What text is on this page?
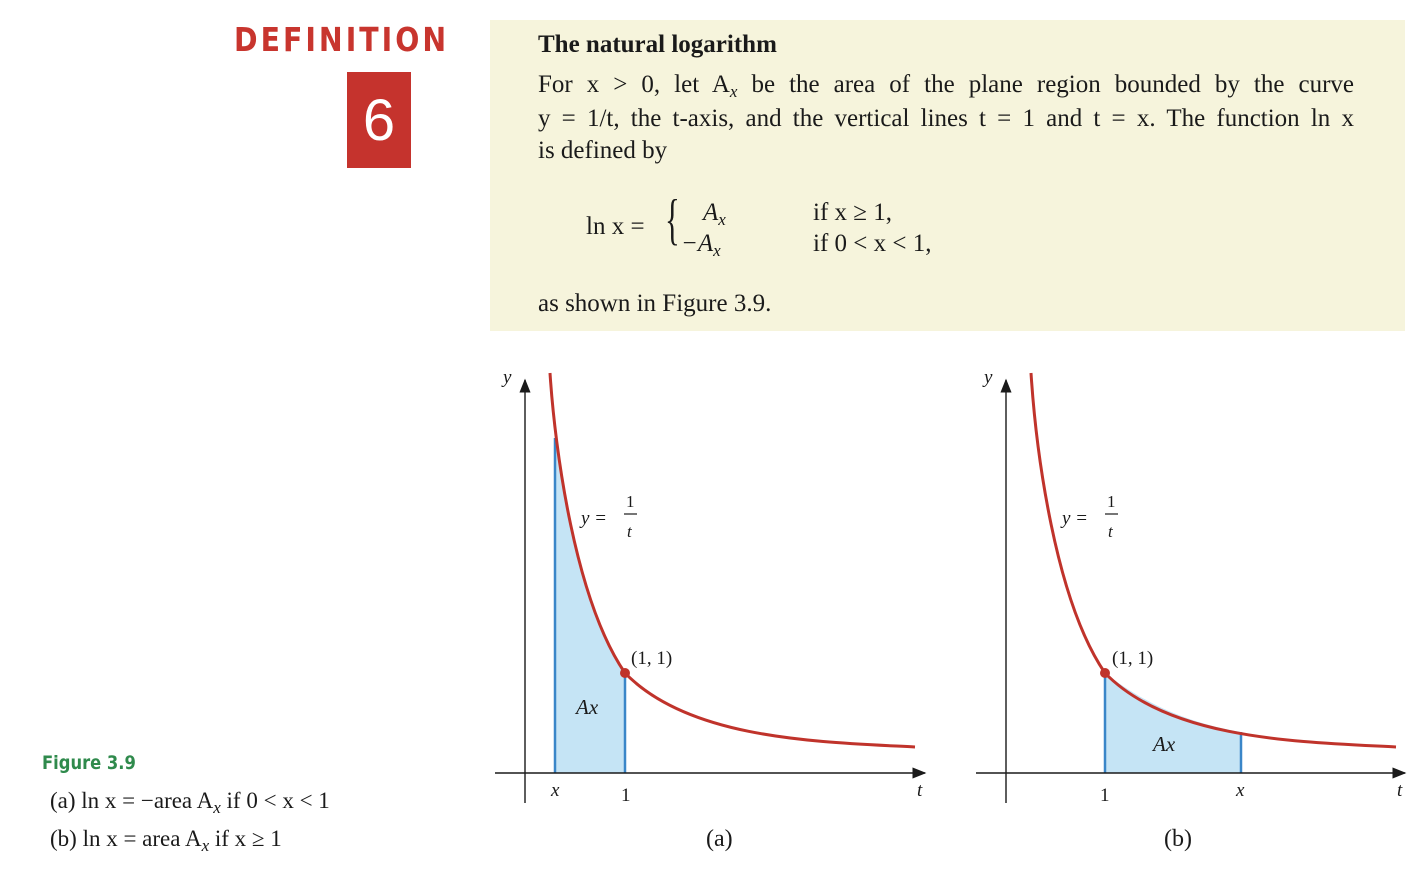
DEFINITION
6
The natural logarithm
For x > 0, let $A_x$ be the area of the plane region bounded by the curve
y = 1/t, the t-axis, and the vertical lines t = 1 and t = x. The function ln x
is defined by
ln x = { $A_x$	if x ≥ 1,
$-A_x$	if 0 < x < 1,
as shown in Figure 3.9.
Figure 3.9
(a) ln x = −area $A_x$ if 0 < x < 1
(b) ln x = area $A_x$ if x ≥ 1
y
t
x	1
(1, 1)
Ax
y =
1
t
(a)
y
t
1	x
(1, 1)
Ax
y =
1
t
(b)
